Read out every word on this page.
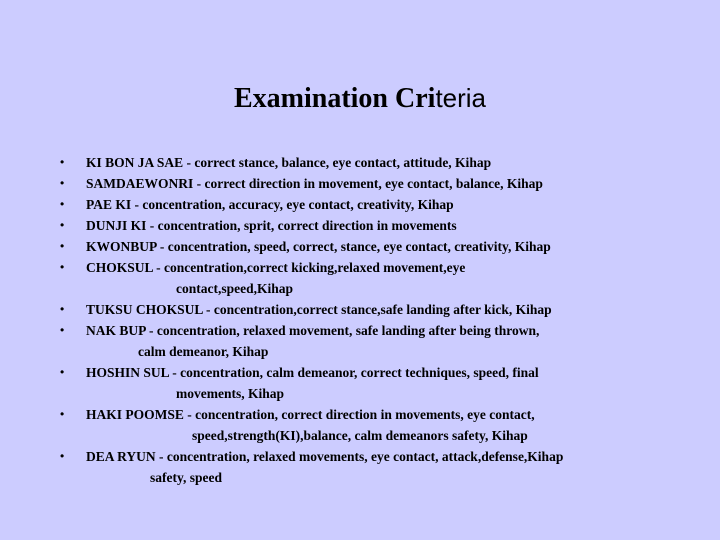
Examination Criteria
• KI BON JA SAE - correct stance, balance, eye contact, attitude, Kihap
• SAMDAEWONRI - correct direction in movement, eye contact, balance, Kihap
• PAE KI - concentration, accuracy, eye contact, creativity, Kihap
• DUNJI KI - concentration, sprit, correct direction in movements
• KWONBUP - concentration, speed, correct, stance, eye contact, creativity, Kihap
• CHOKSUL - concentration,correct kicking,relaxed movement,eye
contact,speed,Kihap
• TUKSU CHOKSUL - concentration,correct stance,safe landing after kick, Kihap
• NAK BUP - concentration, relaxed movement, safe landing after being thrown,
calm demeanor, Kihap
• HOSHIN SUL - concentration, calm demeanor, correct techniques, speed, final
movements, Kihap
• HAKI POOMSE - concentration, correct direction in movements, eye contact,
speed,strength(KI),balance, calm demeanors safety, Kihap
• DEA RYUN - concentration, relaxed movements, eye contact, attack,defense,Kihap
safety, speed
